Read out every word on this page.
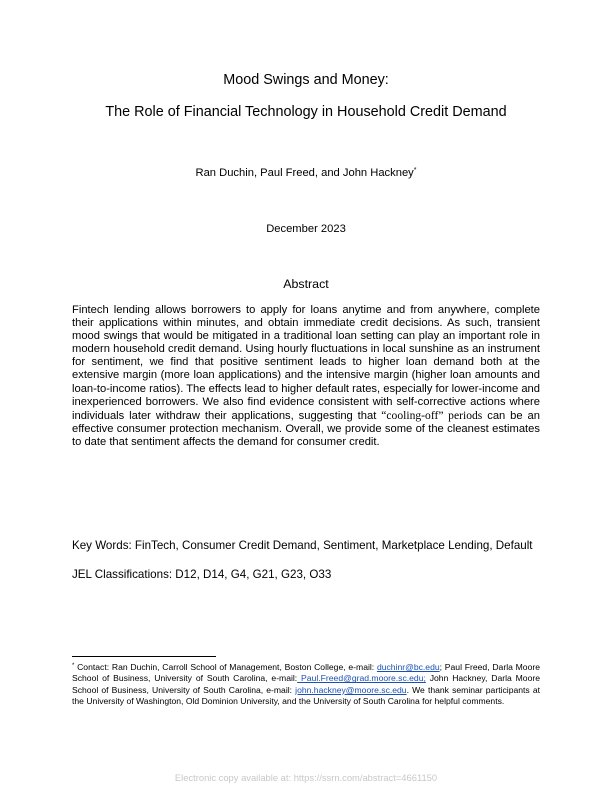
Mood Swings and Money:
The Role of Financial Technology in Household Credit Demand
Ran Duchin, Paul Freed, and John Hackney*
December 2023
Abstract

Fintech lending allows borrowers to apply for loans anytime and from anywhere, complete their applications within minutes, and obtain immediate credit decisions. As such, transient mood swings that would be mitigated in a traditional loan setting can play an important role in modern household credit demand. Using hourly fluctuations in local sunshine as an instrument for sentiment, we find that positive sentiment leads to higher loan demand both at the extensive margin (more loan applications) and the intensive margin (higher loan amounts and loan-to-income ratios). The effects lead to higher default rates, especially for lower-income and inexperienced borrowers. We also find evidence consistent with self-corrective actions where individuals later withdraw their applications, suggesting that “cooling-off” periods can be an effective consumer protection mechanism. Overall, we provide some of the cleanest estimates to date that sentiment affects the demand for consumer credit.

Key Words: FinTech, Consumer Credit Demand, Sentiment, Marketplace Lending, Default
JEL Classifications: D12, D14, G4, G21, G23, O33

* Contact: Ran Duchin, Carroll School of Management, Boston College, e-mail: duchinr@bc.edu; Paul Freed, Darla Moore School of Business, University of South Carolina, e-mail: Paul.Freed@grad.moore.sc.edu; John Hackney, Darla Moore School of Business, University of South Carolina, e-mail: john.hackney@moore.sc.edu. We thank seminar participants at the University of Washington, Old Dominion University, and the University of South Carolina for helpful comments.

Electronic copy available at: https://ssrn.com/abstract=4661150
